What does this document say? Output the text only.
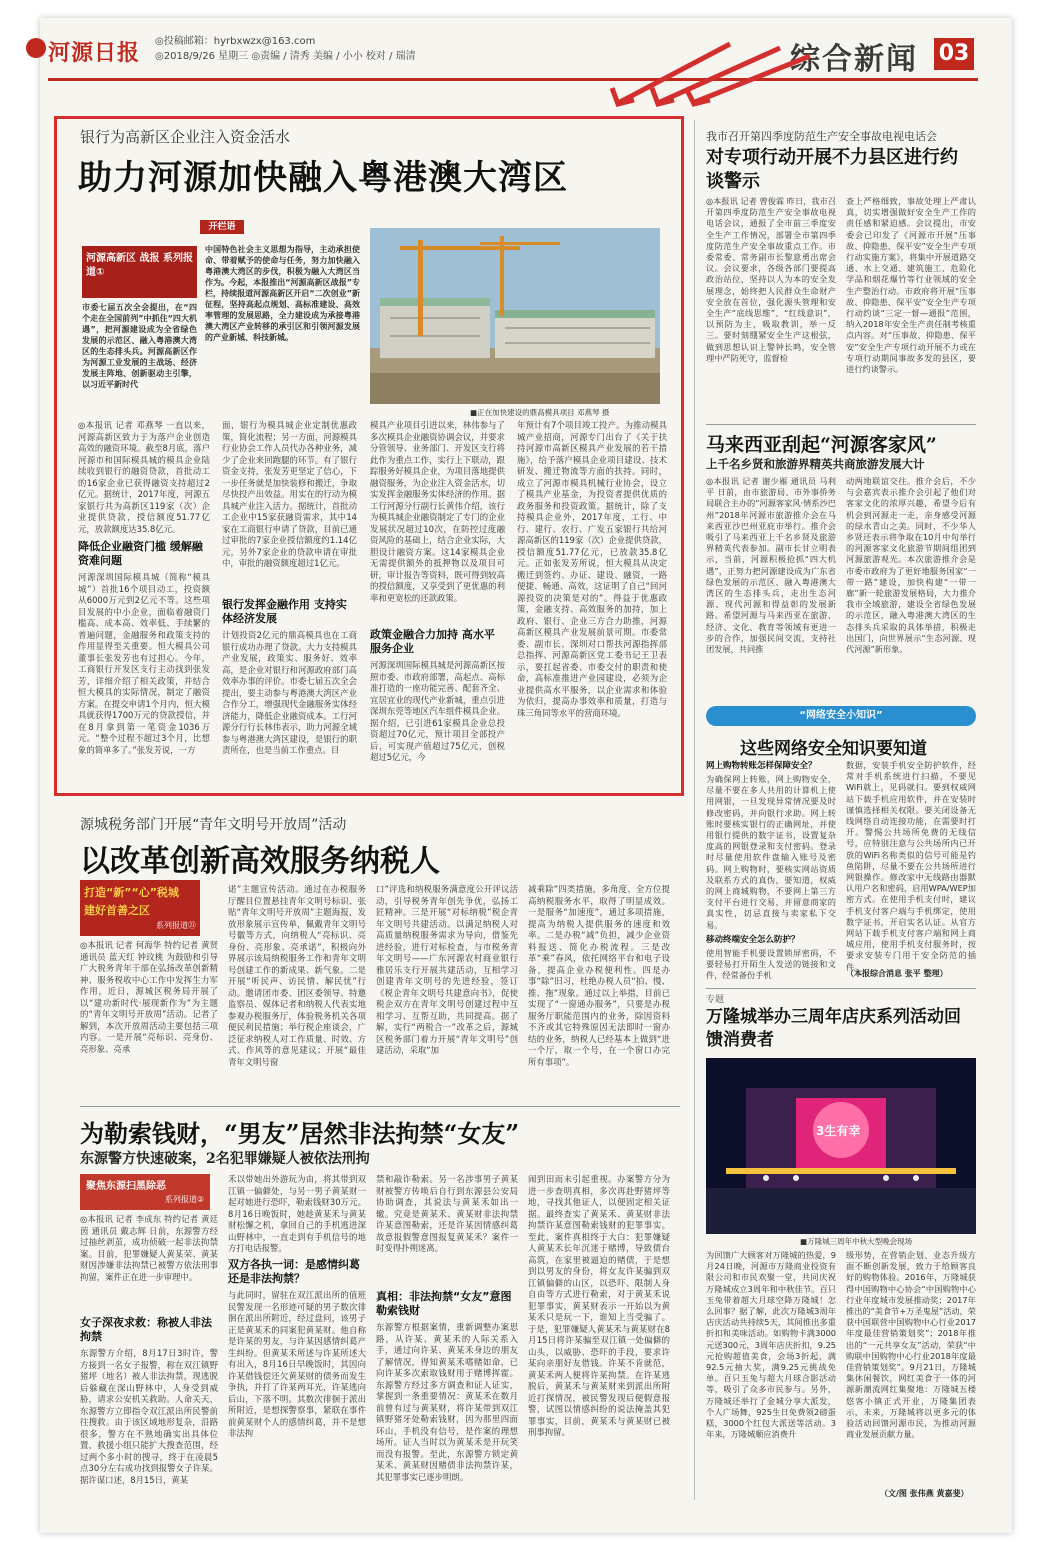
河源日报 ◎投稿邮箱：hyrbxwzx@163.com
◎2018/9/26 星期三 ◎责编 / 清秀 美编 / 小小 校对 / 瑞清	综合新闻 03
银行为高新区企业注入资金活水
助力河源加快融入粤港澳大湾区
开栏语
河源高新区 战报 系列报道①
市委七届五次全会提出，在“四个走在全国前列”中抓住“四大机遇”，把河源建设成为全省绿色发展的示范区、融入粤港澳大湾区的生态排头兵。河源高新区作为河源工业发展的主战场、经济发展主阵地、创新驱动主引擎，以习近平新时代
中国特色社会主义思想为指导，主动承担使命、带着赋予的使命与任务，努力加快融入粤港澳大湾区的步伐，积极为融入大湾区当作为。今起，本报推出“河源高新区战报”专栏，持续报道河源高新区开启“二次创业”新征程，坚持高起点规划、高标准建设、高效率管理的发展思路，全力建设成为承接粤港澳大湾区产业转移的承引区和引领河源发展的产业新城、科技新城。
■正在加快建设的鼎高模具项目 邓燕琴 摄
◎本报讯 记者 邓燕琴 一直以来，河源高新区致力于为落户企业创造高效的融资环境。截至8月底，落户河源市和国际模具城的模具企业陆续收到银行的融资贷款，首批动工的16家企业已获得融资支持超过2亿元。据统计，2017年度，河源五家银行共为高新区119家（次）企业提供贷款，授信额度51.77亿元，放款额度达35.8亿元。
降低企业融资门槛 缓解融资难问题
河源深圳国际模具城（简称“模具城”）首批16个项目动工，投资额从6000万元到2亿元不等。这些项目发展的中小企业，面临着融资门槛高、成本高、效率低、手续繁的普遍问题，金融服务和政策支持的作用显得至关重要。恒大模具公司董事长张发芳也有过担心。今年，工商银行开发区支行主动找到张发芳，详细介绍了相关政策，并结合恒大模具的实际情况，制定了融资方案。在提交申请1个月内，恒大模具就获得1700万元的贷款授信，并在8月拿到第一笔资金1036万元。“整个过程不超过3个月，比想象的简单多了。”张发芳说，一方
面，银行为模具城企业定制优惠政策，简化流程；另一方面，河源模具行业协会工作人员代办各种业务，减少了企业来回跑腿的环节。有了银行资金支持，张发芳更坚定了信心，下一步任务就是加快装修和搬迁，争取尽快投产出效益。用实在的行动为模具城产业注入活力。据统计，首批动工企业中15家获融资需求，其中14家在工商银行申请了贷款，目前已通过审批的7家企业授信额度约1.14亿元，另外7家企业的贷款申请在审批中，审批的融资额度超过1亿元。
银行发挥金融作用 支持实体经济发展
计划投资2亿元的鼎高模具也在工商银行成功办理了贷款。大力支持模具产业发展，政策实、服务好、效率高，是企业对银行和河源政府部门高效率办事的评价。市委七届五次全会提出，要主动参与粤港澳大湾区产业合作分工，增强现代金融服务实体经济能力，降低企业融资成本。工行河源分行行长林伟表示，助力河源全域参与粤港澳大湾区建设，是银行的职责所在，也是当前工作重点。目
模具产业项目引进以来，林伟参与了多次模具企业融资协调会议，并要求分管领导、业务部门、开发区支行将此作为重点工作，实行上下联动，跟踪服务好模具企业，为项目落地提供融资服务，为企业注入资金活水，切实发挥金融服务实体经济的作用。据工行河源分行副行长黄伟介绍，该行为模具城企业融资制定了专门的企业发展状况超过10次，在防控过度融资风险的基础上，结合企业实际，大胆设计融资方案。这14家模具企业无需提供额外的抵押物以及项目可研，审计报告等资料，既可得到较高的授信额度，又享受到了更优惠的利率和更宽松的还款政策。
政策金融合力加持 高水平服务企业
河源深圳国际模具城是河源高新区按照市委、市政府部署，高起点、高标准打造的一座功能完善、配套齐全、宜居宜业的现代产业新城，重点引进深圳东莞等地区汽车组件模具企业。据介绍，已引进61家模具企业总投资超过70亿元，预计项目全部投产后，可实现产值超过75亿元，创税超过5亿元，今
年预计有7个项目竣工投产。为推动模具城产业招商，河源专门出台了《关于扶持河源市高新区模具产业发展的若干措施》，给予落户模具企业项目建设、技术研发、搬迁物流等方面的扶持。同时，成立了河源市模具机械行业协会，设立了模具产业基金，为投资者提供优质的政务服务和投资政策。据统计，除了支持模具企业外，2017年度，工行、中行、建行、农行、广发五家银行共给河源高新区的119家（次）企业提供贷款，授信额度51.77亿元，已放款35.8亿元。正如张发芳所说，恒大模具从决定搬迁到签约、办证、建设、融资，一路便捷、畅通、高效，这证明了自己“回河源投资的决策是对的”。得益于优惠政策，金融支持、高效服务的加持，加上政府、银行、企业三方合力助推，河源高新区模具产业发展前景可期。市委常委、副市长、深圳对口帮扶河源指挥部总指挥、河源高新区党工委书记王卫表示，要扛起省委、市委交付的职责和使命，高标准推进产业园建设，必须为企业提供高水平服务，以企业需求和体验为依归，提高办事效率和质量，打造与珠三角同等水平的营商环境。
我市召开第四季度防范生产安全事故电视电话会
对专项行动开展不力县区进行约谈警示
◎本报讯 记者 曾俊霖 昨日，我市召开第四季度防范生产安全事故电视电话会议，通报了全市前三季度安全生产工作情况，部署全市第四季度防范生产安全事故重点工作。市委常委、常务副市长黎意勇出席会议。会议要求，各级各部门要提高政治站位，坚持以人为本的安全发展理念，始终把人民群众生命财产安全放在首位，强化源头管理和安全生产“底线思维”、“红线意识”，以预防为主，吸取教训，举一反三。要时刻绷紧安全生产这根弦，做到思想认识上警钟长鸣，安全管理中严防死守，监督检
查上严格细致，事故处理上严肃认真，切实增强做好安全生产工作的责任感和紧迫感。会议提出，市安委会已印发了《河源市开展“压事故、抑隐患、保平安”安全生产专项行动实施方案》，将集中开展道路交通、水上交通、建筑施工、危险化学品和烟花爆竹等行业领域的安全生产整治行动。市政府将开展“压事故、抑隐患、保平安”安全生产专项行动约谈“三定一督—通报”范围，纳入2018年安全生产责任制考核重点内容。对“压事故、抑隐患、保平安”安全生产专项行动开展不力或在专项行动期间事故多发的县区，要进行约谈警示。
马来西亚刮起“河源客家风”
上千名乡贤和旅游界精英共商旅游发展大计
◎本报讯 记者 谢少雁 通讯员 马利平 日前，由市旅游局、市外事侨务局联合主办的“河源客家风·情系沙巴州”2018年河源市旅游推介会在马来西亚沙巴州亚庇市举行。推介会吸引了马来西亚上千名乡贤及旅游界精英代表参加。副市长甘立明表示，当前，河源积极抢抓“四大机遇”，正努力把河源建设成为广东省绿色发展的示范区、融入粤港澳大湾区的生态排头兵，走出生态河源、现代河源和得益彰的发展新路。希望河源与马来西亚在旅游、经济、文化、教育等领域有更进一步的合作，加强民间交流，支持社团发展，共同推
动两地联谊交往。推介会后，不少与会嘉宾表示推介会引起了他们对客家文化的浓厚兴趣，希望今后有机会到河源走一走，亲身感受河源的绿水青山之美。同时，不少华人乡贤还表示将争取在10月中旬举行的河源客家文化旅游节期间组团到河源旅游观光。本次旅游推介会是市委市政府为了更好地服务国家“一带一路”建设，加快构建“一带一廊”新一轮旅游发展格局，大力推介我市全域旅游，建设全省绿色发展的示范区，融入粤港澳大湾区的生态排头兵采取的具体举措，积极走出国门，向世界展示“生态河源、现代河源”新形象。
“网络安全小知识”
这些网络安全知识要知道
网上购物转账怎样保障安全？
为确保网上转账，网上购物安全，尽量不要在多人共用的计算机上使用网银，一旦发现异常情况要及时修改密码，并向银行求助。网上转账时要核实银行的正确网址，并使用银行提供的数字证书，设置复杂度高的网银登录和支付密码。登录时尽量使用软件盘输入账号及密码。网上购物时，要核实网站资质及联系方式的真伪，要知道，权威的网上商城购物，不要网上第三方支付平台进行交易，并留意商家的真实性，切忌直接与卖家私下交易。
移动终端安全怎么防护？
使用智能手机要设置锁屏密码，不要轻易打开陌生人发送的链接和文件，经常备份手机
数据，安装手机安全防护软件，经常对手机系统进行扫描，不要见WiFi就上，见码就扫。要到权威网站下载手机应用软件，并在安装时谨慎选择相关权限。要关闭设备无线网络自动连接功能，在需要时打开。警惕公共场所免费的无线信号，应特别注意与公共场所内已开放的WiFi名称类似的信号可能是钓鱼陷阱，尽量不要在公共场所进行网银操作。修改家中无线路由器默认用户名和密码，启用WPA/WEP加密方式。在使用手机支付时，建议手机支付客户端与手机绑定，使用数字证书，开启实名认证。从官方网站下载手机支付客户端和网上商城应用，使用手机支付服务时，按要求安装专门用于安全防范的插件。
（本报综合消息 张平 整理）
专题
万隆城举办三周年店庆系列活动回馈消费者
3生有幸
■万隆城三周年中秋大型晚会现场
为回馈广大顾客对万隆城的热爱，9月24日晚，河源市万隆商业投资有限公司和市民欢聚一堂，共同庆祝万隆城成立3周年和中秋佳节。百只玉兔带着超大月球空降万隆城！怎么回事？据了解，此次万隆城3周年店庆活动共持续5天，其间推出多重折扣和美味活动。如购物卡满3000元送300元，3周年店庆折扣，9.25元抢购超值美食，会场3折起，满92.5元抽大奖，满9.25元挑战免单。百只玉兔与超大月球合影活动等，吸引了众多市民参与。另外，万隆城还举行了金城分享大派发，个人广场舞，925生日免费领2磅蛋糕，3000个红包大派送等活动。3年来，万隆城顺应消费升
级形势，在营销企划、业态升级方面不断创新发展，致力于给顾客良好的购物体验。2016年，万隆城获得中国购物中心协会“中国购物中心行业年度城市发展推动奖；2017年推出的“美食节+万圣鬼屋”活动，荣获中国联营中国购物中心行业2017年度最佳营销策划奖”；2018年推出的“一元共享女友”活动，荣获“中购联中国购物中心行业2018年度最佳营销策划奖”。9月21日，万隆城集休闲餐饮，网红美食于一体的河源新潮流网红集聚地：万隆城五楼悠客小镇正式开业，万隆集团表示，未来，万隆城将以更多元的体验活动回馈河源市民，为推动河源商业发展贡献力量。
（文/图 张伟燕 黄嘉斐）
源城税务部门开展“青年文明号开放周”活动
以改革创新高效服务纳税人
打造“新”“心”税城
建好首善之区
系列报道㉑
◎本报讯 记者 何海华 特约记者 黄贤 通讯员 蓝天红 钟玟桃 为鼓励和引导广大税务青年干部在弘扬改革创新精神、服务税收中心工作中发挥生力军作用，近日，源城区税务局开展了以“建功新时代·展现新作为”为主题的“青年文明号开放周”活动。记者了解到，本次开放周活动主要包括三项内容。一是开展“亮标识、亮身份、亮形象、亮承
诺”主题宣传活动。通过在办税服务厅醒目位置悬挂青年文明号标识、张贴“青年文明号开放周”主题海报，发放形象展示宣传单，佩戴青年文明号号徽等方式，向纳税人“亮标识、亮身份、亮形象、亮承诺”，积极向外界展示该局纳税服务工作和青年文明号创建工作的新成果、新气象。二是开展“听民声、访民情、解民忧”行动。邀请团市委、团区委领导、特邀监察员、媒体记者和纳税人代表实地参观办税服务厅，体验税务机关各项便民利民措施；举行税企座谈会，广泛征求纳税人对工作质量、时效、方式、作风等的意见建议；开展“最佳青年文明号窗
口”评选和纳税服务满意度公开评议活动，引导税务青年创先争优，弘扬工匠精神。三是开展“对标纳税”税企青年文明号共建活动。以满足纳税人对高质量纳税服务需求为导向，借鉴先进经验，进行对标检查，与市税务青年文明号——广东河源农村商业银行雅居乐支行开展共建活动，互相学习创建青年文明号的先进经验，签订《税企青年文明号共建意向书》，促使税企双方在青年文明号创建过程中互相学习、互帮互助，共同提高。据了解，实行“两税合一”改革之后，源城区税务部门着力开展“青年文明号”创建活动，采取“加
减乘除”四类措施，多角度、全方位提高纳税服务水平，取得了明显成效。一是服务“加速度”，通过多项措施，提高为纳税人提供服务的速度和效率。二是办税“减”负担，减少企业资料报送、简化办税流程。三是改革“乘”春风，依托网络平台和电子设备，提高企业办税便利性。四是办事“除”旧习，杜绝办税人员“拍、慢、推、拖”现象。通过以上举措，目前已实现了“一窗通办服务”，只要是办税服务厅职能范围内的业务，除因资料不齐或其它特殊原因无法即时一窗办结的业务，纳税人已经基本上做到“进一个厅，取一个号，在一个窗口办完所有事项”。
为勒索钱财，“男友”居然非法拘禁“女友”
东源警方快速破案，2名犯罪嫌疑人被依法刑拘
聚焦东源扫黑除恶
系列报道②
◎本报讯 记者 李成东 特约记者 黄廷茵 通讯员 戴志辉 日前，东源警方经过抽丝剥茧，成功侦破一起非法拘禁案。目前，犯罪嫌疑人黄某荣、黄某财因涉嫌非法拘禁已被警方依法刑事拘留，案件正在进一步审理中。
女子深夜求救：称被人非法拘禁
东源警方介绍，8月17日3时许，警方接到一名女子报警，称在双江镇野猪坪（地名）被人非法拘禁，现逃脱后躲藏在深山野林中，人身受到威胁，请求公安机关救助。人命关天，东源警方立即指令双江派出所民警前往搜救。由于该区域地形复杂，沿路很多，警方在不熟地确实出具体位置，救援小组只能扩大搜查范围，经过两个多小时的搜寻，终于在凌晨5点30分左右成功找到报警女子许某。据许谋口述，8月15日，黄某
禾以带她出外游玩为由，将其带到双江镇一偏僻处，与另一男子黄某财一起对她进行恐吓，勒索钱财30万元。8月16日晚饭时，她趁黄某禾与黄某财松懈之机，拿回自己的手机逃进深山野林中，一直走到有手机信号的地方打电话报警。
双方各执一词：是感情纠葛还是非法拘禁？
与此同时，留驻在双江派出所的值班民警发现一名形迹可疑的男子数次徘徊在派出所附近，经过盘问，该男子正是黄某禾的同案犯黄某财。他自称是许某的男友，与许某因感情纠葛产生纠纷。但黄某禾所述与许某所述大有出入，8月16日早晚饭时，其因向许某借钱偿还欠黄某财的债务而发生争执，并打了许某两耳光，许某逃向后山，下落不明。其数次徘徊于派出所附近，是想探警察事，紧联在事件前黄某财个人的感情纠葛，并不是想非法拘
禁和敲诈勒索。另一名涉事男子黄某财被警方传唤后自行到东源县公安局协助调查，其说法与黄某禾如出一辙。究竟是黄某禾、黄某财非法拘禁许某意图勒索，还是许某因情感纠葛故意报假警意图报复黄某禾？案件一时变得扑朔迷离。
真相：非法拘禁“女友”意图勒索钱财
东源警方根据案情，重新调整办案思路，从许某、黄某禾的人际关系入手，通过向许某、黄某禾身边的朋友了解情况，得知黄某禾嗜赌如命，已向许某多次索取钱财用于赌博挥霍。东源警方经过多方调查和证人证实，掌握到一条重要情况：黄某禾在数月前曾有过与黄某财，将许某带到双江镇野猪牙处勒索钱财，因为那里四面环山，手机没有信号，是作案的理想场所。证人当时以为黄某禾是开玩笑而没有报警。至此，东源警方锁定黄某禾、黄某财因赌债非法拘禁许某，其犯罪事实已逐步明朗。
闹到田而未引起重视。办案警方分为进一步查明真相，多次再赴野猪坪等地，寻找其他证人，以便固定相关证据。最终查实了黄某禾、黄某财非法拘禁许某意图勒索钱财的犯罪事实。至此，案件真相终于大白：犯罪嫌疑人黄某禾长年沉迷于赌博，导致债台高筑，在家里被逼迫的赌债，于是想到以男友的身份，将女友许某骗到双江镇偏僻的山区，以恐吓、限制人身自由等方式进行勒索，对于黄某禾说犯罪事实，黄某财表示一开始以为黄某禾只是玩一下，谁知上当受骗了。于是，犯罪嫌疑人黄某禾与黄某财在8月15日将许某骗至双江镇一处偏僻的山头，以威胁、恐吓的手段，要求许某向亲朋好友借钱。许某不肯就范，黄某禾两人便将许某拘禁。在许某逃脱后，黄某禾与黄某财来到派出所附近打探情况，被民警发现后便假意报警，试图以情感纠纷的说法掩盖其犯罪事实，目前，黄某禾与黄某财已被刑事拘留。
